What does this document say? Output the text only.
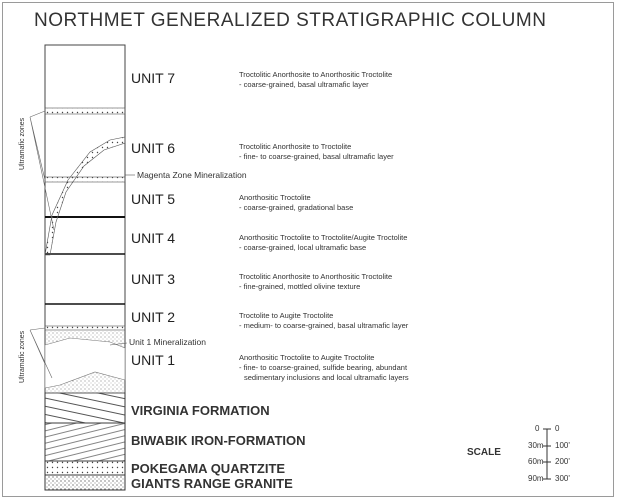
NORTHMET GENERALIZED STRATIGRAPHIC COLUMN
UNIT 7	Troctolitic Anorthosite to Anorthositic Troctolite
- coarse-grained, basal ultramafic layer
UNIT 6	Troctolitic Anorthosite to Troctolite
- fine- to coarse-grained, basal ultramafic layer
UNIT 5	Anorthositic Troctolite
- coarse-grained, gradational base
UNIT 4	Anorthositic Troctolite to Troctolite/Augite Troctolite
- coarse-grained, local ultramafic base
UNIT 3	Troctolitic Anorthosite to Anorthositic Troctolite
- fine-grained, mottled olivine texture
UNIT 2	Troctolite to Augite Troctolite
- medium- to coarse-grained, basal ultramafic layer
UNIT 1	Anorthositic Troctolite to Augite Troctolite
- fine- to coarse-grained, sulfide bearing, abundant
sedimentary inclusions and local ultramafic layers
VIRGINIA FORMATION
BIWABIK IRON-FORMATION
POKEGAMA QUARTZITE
GIANTS RANGE GRANITE
Magenta Zone Mineralization
Unit 1 Mineralization
Ultramafic zones
Ultramafic zones
SCALE
0
30m
60m
90m
0
100'
200'
300'
